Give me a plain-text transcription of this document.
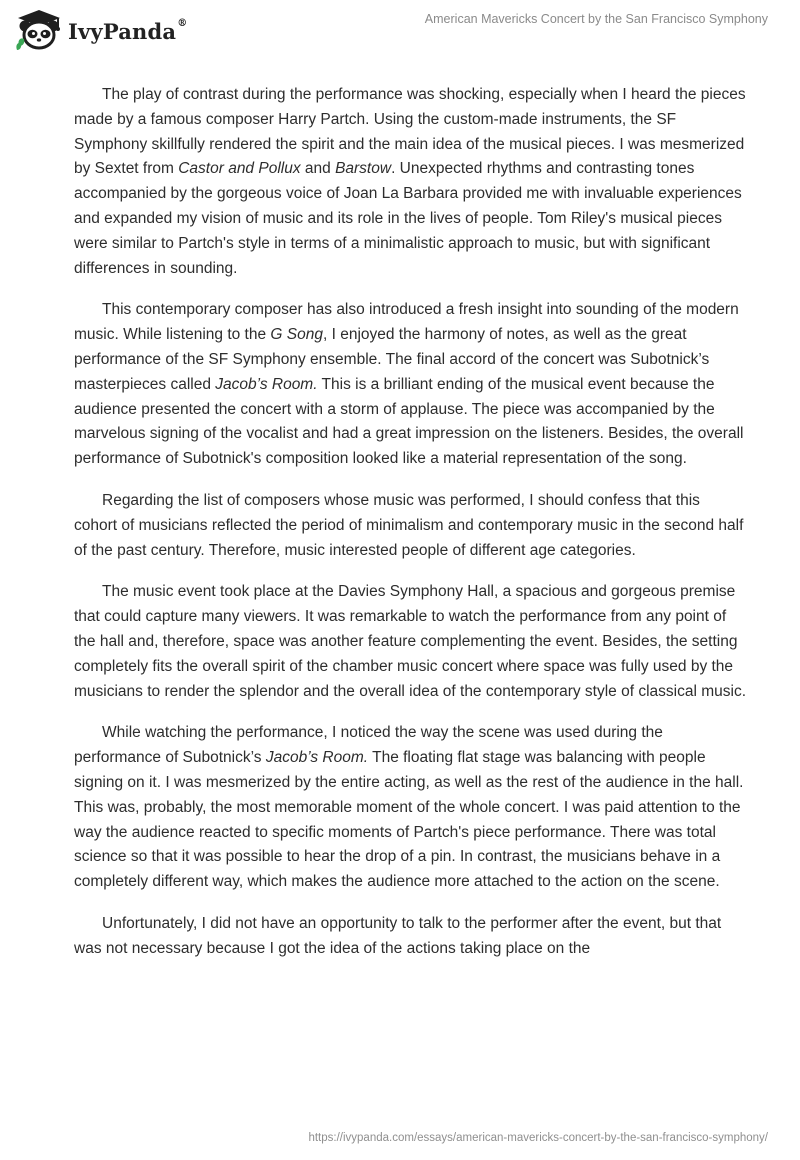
IvyPanda®	American Mavericks Concert by the San Francisco Symphony

The play of contrast during the performance was shocking, especially when I heard the pieces made by a famous composer Harry Partch. Using the custom-made instruments, the SF Symphony skillfully rendered the spirit and the main idea of the musical pieces. I was mesmerized by Sextet from Castor and Pollux and Barstow. Unexpected rhythms and contrasting tones accompanied by the gorgeous voice of Joan La Barbara provided me with invaluable experiences and expanded my vision of music and its role in the lives of people. Tom Riley's musical pieces were similar to Partch's style in terms of a minimalistic approach to music, but with significant differences in sounding.

This contemporary composer has also introduced a fresh insight into sounding of the modern music. While listening to the G Song, I enjoyed the harmony of notes, as well as the great performance of the SF Symphony ensemble. The final accord of the concert was Subotnick’s masterpieces called Jacob’s Room. This is a brilliant ending of the musical event because the audience presented the concert with a storm of applause. The piece was accompanied by the marvelous signing of the vocalist and had a great impression on the listeners. Besides, the overall performance of Subotnick's composition looked like a material representation of the song.

Regarding the list of composers whose music was performed, I should confess that this cohort of musicians reflected the period of minimalism and contemporary music in the second half of the past century. Therefore, music interested people of different age categories.

The music event took place at the Davies Symphony Hall, a spacious and gorgeous premise that could capture many viewers. It was remarkable to watch the performance from any point of the hall and, therefore, space was another feature complementing the event. Besides, the setting completely fits the overall spirit of the chamber music concert where space was fully used by the musicians to render the splendor and the overall idea of the contemporary style of classical music.

While watching the performance, I noticed the way the scene was used during the performance of Subotnick’s Jacob’s Room. The floating flat stage was balancing with people signing on it. I was mesmerized by the entire acting, as well as the rest of the audience in the hall. This was, probably, the most memorable moment of the whole concert. I was paid attention to the way the audience reacted to specific moments of Partch's piece performance. There was total science so that it was possible to hear the drop of a pin. In contrast, the musicians behave in a completely different way, which makes the audience more attached to the action on the scene.

Unfortunately, I did not have an opportunity to talk to the performer after the event, but that was not necessary because I got the idea of the actions taking place on the

https://ivypanda.com/essays/american-mavericks-concert-by-the-san-francisco-symphony/
